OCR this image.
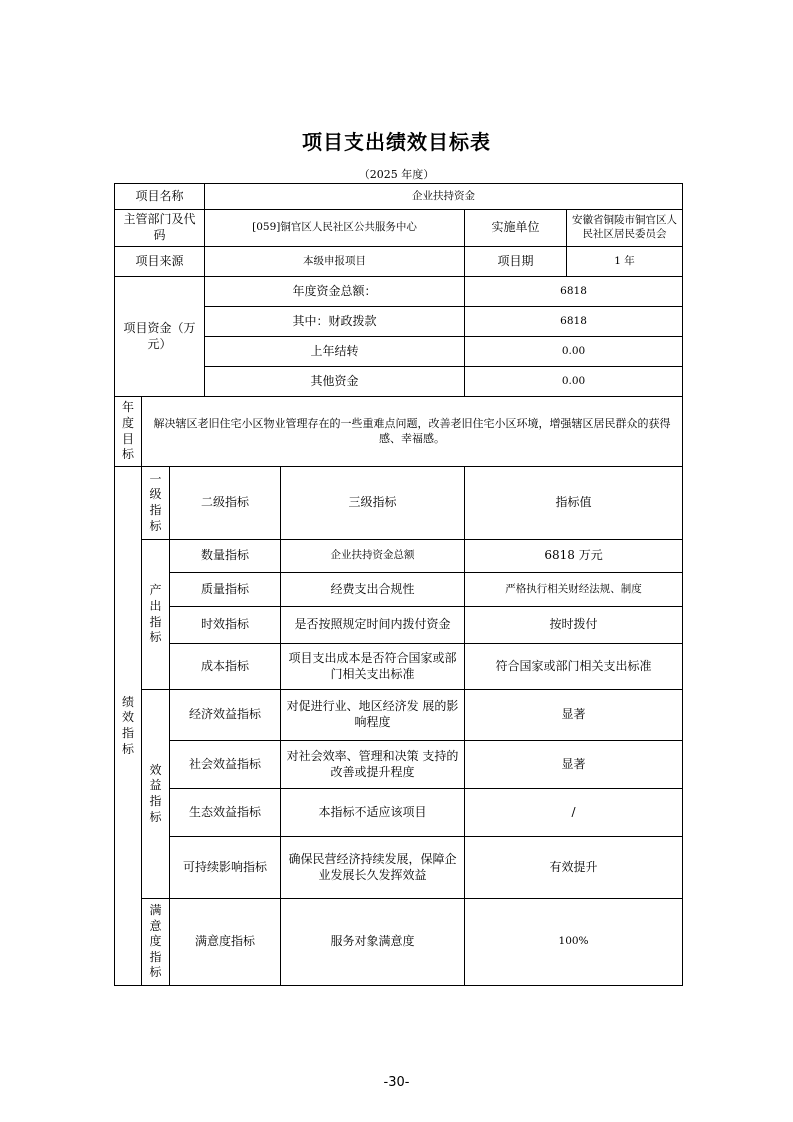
项目支出绩效目标表
（2025 年度）
项目名称			企业扶持资金			
主管部门及代码			[059]铜官区人民社区公共服务中心		实施单位	安徽省铜陵市铜官区人民社区居民委员会
项目来源			本级申报项目		项目期	1 年
项目资金（万元）			年度资金总额：		6818	
			其中：财政拨款		6818	
			上年结转		0.00	
			其他资金		0.00	
年度目标	解决辖区老旧住宅小区物业管理存在的一些重难点问题，改善老旧住宅小区环境，增强辖区居民群众的获得感、幸福感。					
绩效指标	一级指标	二级指标		三级指标	指标值	
	产出指标	数量指标		企业扶持资金总额	6818 万元	
		质量指标		经费支出合规性	严格执行相关财经法规、制度	
		时效指标		是否按照规定时间内拨付资金	按时拨付	
		成本指标		项目支出成本是否符合国家或部门相关支出标准	符合国家或部门相关支出标准	
	效益指标	经济效益指标		对促进行业、地区经济发 展的影响程度	显著	
		社会效益指标		对社会效率、管理和决策 支持的改善或提升程度	显著	
		生态效益指标		本指标不适应该项目	/	
		可持续影响指标		确保民营经济持续发展，保障企业发展长久发挥效益	有效提升	
	满意度指标	满意度指标		服务对象满意度	100%	
-30-
